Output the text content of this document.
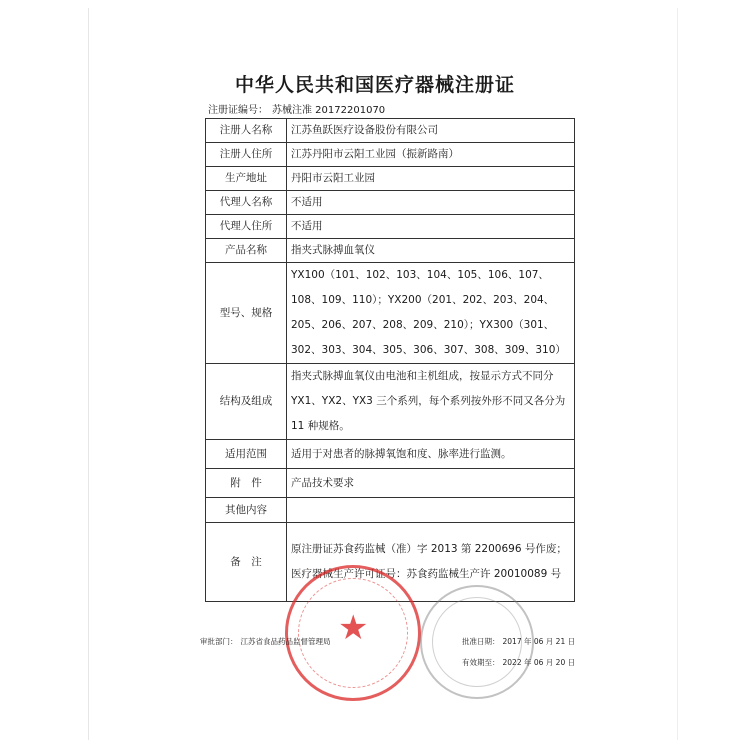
中华人民共和国医疗器械注册证
注册证编号： 苏械注准 20172201070
注册人名称	江苏鱼跃医疗设备股份有限公司
注册人住所	江苏丹阳市云阳工业园（振新路南）
生产地址	丹阳市云阳工业园
代理人名称	不适用
代理人住所	不适用
产品名称	指夹式脉搏血氧仪
型号、规格	YX100（101、102、103、104、105、106、107、108、109、110）；YX200（201、202、203、204、205、206、207、208、209、210）；YX300（301、302、303、304、305、306、307、308、309、310）
结构及组成	指夹式脉搏血氧仪由电池和主机组成，按显示方式不同分 YX1、YX2、YX3 三个系列，每个系列按外形不同又各分为 11 种规格。
适用范围	适用于对患者的脉搏氧饱和度、脉率进行监测。
附　件	产品技术要求
其他内容	
备　注	原注册证苏食药监械（准）字 2013 第 2200696 号作废；医疗器械生产许可证号：苏食药监械生产许 20010089 号
★
审批部门： 江苏省食品药品监督管理局	批准日期： 2017 年 06 月 21 日
有效期至： 2022 年 06 月 20 日
